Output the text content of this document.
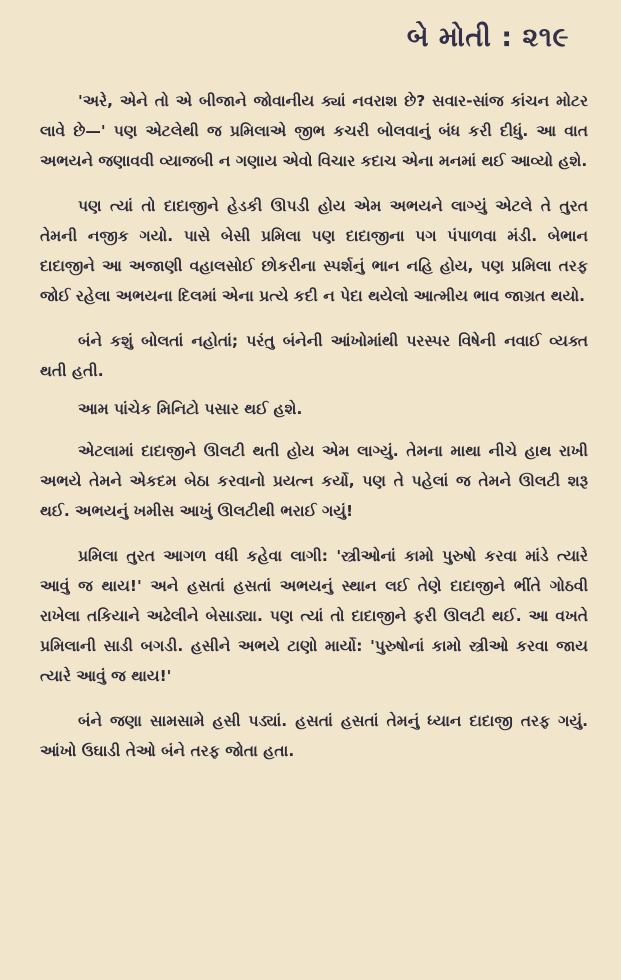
બે મોતી : ૨૧૯

'અરે, એને તો એ બીજાને જોવાનીય ક્યાં નવરાશ છે? સવાર-સાંજ કાંચન મોટર લાવે છે—' પણ એટલેથી જ પ્રમિલાએ જીભ કચરી બોલવાનું બંધ કરી દીધું. આ વાત અભયને જણાવવી વ્યાજબી ન ગણાય એવો વિચાર કદાચ એના મનમાં થઈ આવ્યો હશે.

પણ ત્યાં તો દાદાજીને હેડકી ઊપડી હોય એમ અભયને લાગ્યું એટલે તે તુરત તેમની નજીક ગયો. પાસે બેસી પ્રમિલા પણ દાદાજીના પગ પંપાળવા મંડી. બેભાન દાદાજીને આ અજાણી વહાલસોઈ છોકરીના સ્પર્શનું ભાન નહિ હોય, પણ પ્રમિલા તરફ જોઈ રહેલા અભયના દિલમાં એના પ્રત્યે કદી ન પેદા થયેલો આત્મીય ભાવ જાગ્રત થયો.

બંને કશું બોલતાં નહોતાં; પરંતુ બંનેની આંખોમાંથી પરસ્પર વિષેની નવાઈ વ્યક્ત થતી હતી.

આમ પાંચેક મિનિટો પસાર થઈ હશે.

એટલામાં દાદાજીને ઊલટી થતી હોય એમ લાગ્યું. તેમના માથા નીચે હાથ રાખી અભયે તેમને એકદમ બેઠા કરવાનો પ્રયત્ન કર્યો, પણ તે પહેલાં જ તેમને ઊલટી શરૂ થઈ. અભયનું ખમીસ આખું ઊલટીથી ભરાઈ ગયું!

પ્રમિલા તુરત આગળ વધી કહેવા લાગી: 'સ્ત્રીઓનાં કામો પુરુષો કરવા માંડે ત્યારે આવું જ થાય!' અને હસતાં હસતાં અભયનું સ્થાન લઈ તેણે દાદાજીને ભીંતે ગોઠવી રાખેલા તકિયાને અઢેલીને બેસાડ્યા. પણ ત્યાં તો દાદાજીને ફરી ઊલટી થઈ. આ વખતે પ્રમિલાની સાડી બગડી. હસીને અભયે ટાણો માર્યો: 'પુરુષોનાં કામો સ્ત્રીઓ કરવા જાય ત્યારે આવું જ થાય!'

બંને જણા સામસામે હસી પડ્યાં. હસતાં હસતાં તેમનું ધ્યાન દાદાજી તરફ ગયું. આંખો ઉઘાડી તેઓ બંને તરફ જોતા હતા.
